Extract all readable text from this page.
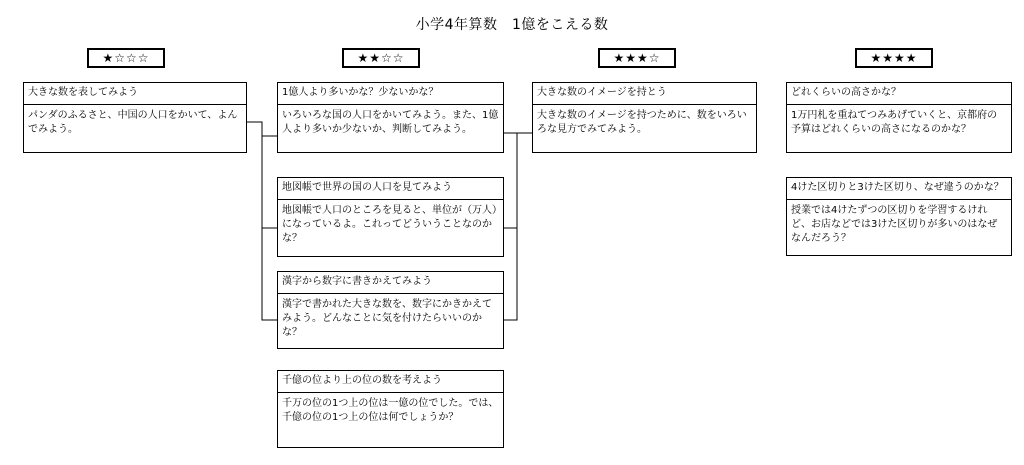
小学4年算数　1億をこえる数
★☆☆☆	★★☆☆	★★★☆	★★★★
大きな数を表してみよう
パンダのふるさと、中国の人口をかいて、よんでみよう。
1億人より多いかな？少ないかな？
いろいろな国の人口をかいてみよう。また、1億人より多いか少ないか、判断してみよう。
地図帳で世界の国の人口を見てみよう
地図帳で人口のところを見ると、単位が（万人）になっているよ。これってどういうことなのかな？
漢字から数字に書きかえてみよう
漢字で書かれた大きな数を、数字にかきかえてみよう。どんなことに気を付けたらいいのかな？
千億の位より上の位の数を考えよう
千万の位の1つ上の位は一億の位でした。では、千億の位の1つ上の位は何でしょうか？
大きな数のイメージを持とう
大きな数のイメージを持つために、数をいろいろな見方でみてみよう。
どれくらいの高さかな？
1万円札を重ねてつみあげていくと、京都府の予算はどれくらいの高さになるのかな？
4けた区切りと3けた区切り、なぜ違うのかな？
授業では4けたずつの区切りを学習するけれど、お店などでは3けた区切りが多いのはなぜなんだろう？
